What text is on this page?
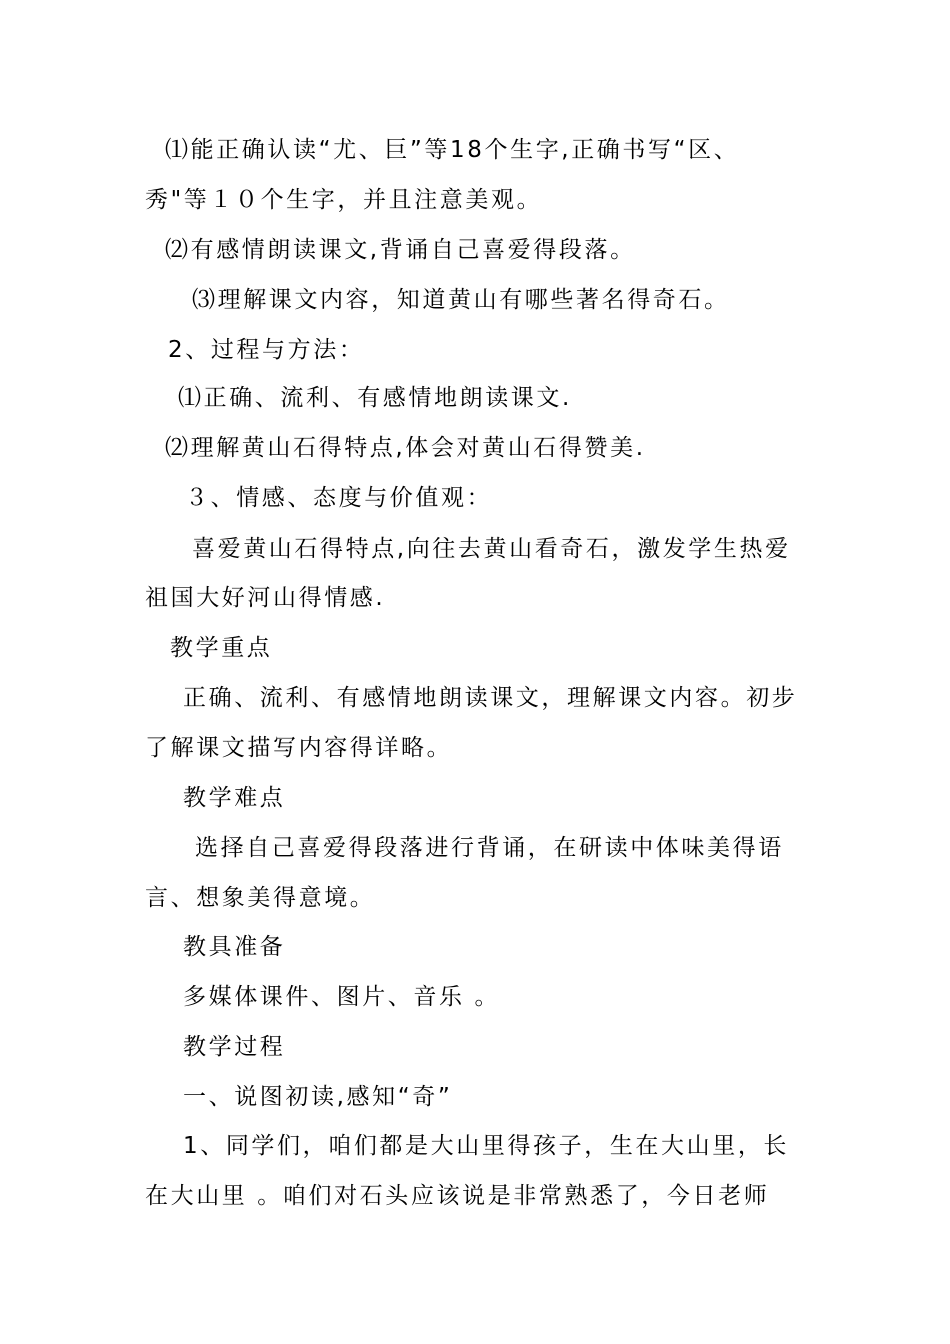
⑴能正确认读“尤、巨”等18个生字,正确书写“区、
秀"等１０个生字，并且注意美观。
⑵有感情朗读课文,背诵自己喜爱得段落。
⑶理解课文内容，知道黄山有哪些著名得奇石。
2、过程与方法：
⑴正确、流利、有感情地朗读课文.
⑵理解黄山石得特点,体会对黄山石得赞美.
３、情感、态度与价值观：
喜爱黄山石得特点,向往去黄山看奇石，激发学生热爱
祖国大好河山得情感.
教学重点
正确、流利、有感情地朗读课文，理解课文内容。初步
了解课文描写内容得详略。
教学难点
选择自己喜爱得段落进行背诵，在研读中体味美得语
言、想象美得意境。
教具准备
多媒体课件、图片、音乐 。
教学过程
一、说图初读,感知“奇”
1、同学们，咱们都是大山里得孩子，生在大山里，长
在大山里 。咱们对石头应该说是非常熟悉了，今日老师
